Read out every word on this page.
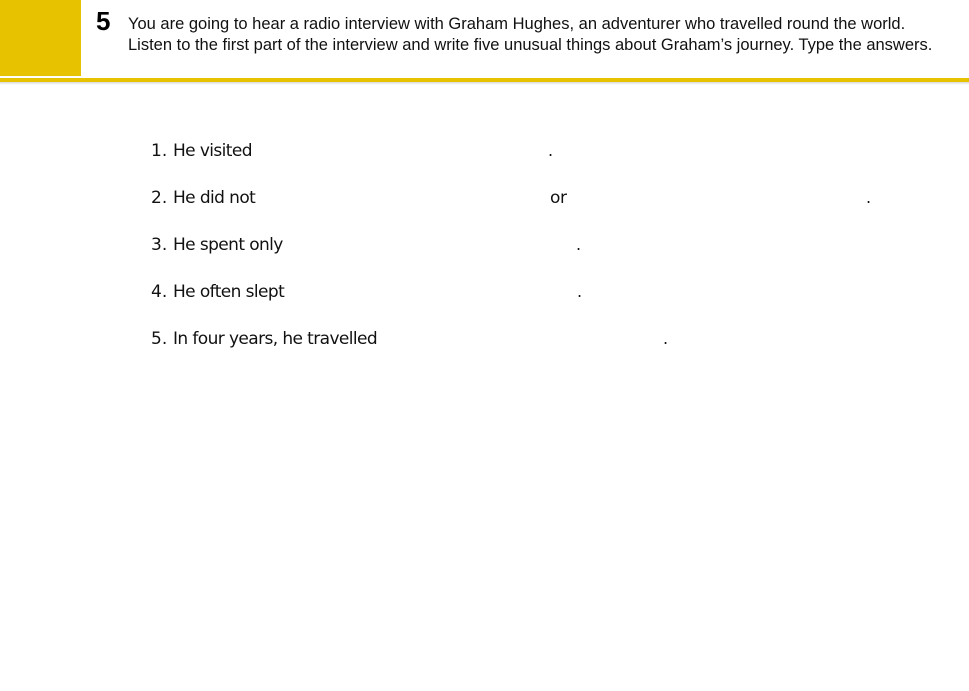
5 You are going to hear a radio interview with Graham Hughes, an adventurer who travelled round the world. Listen to the first part of the interview and write five unusual things about Graham’s journey. Type the answers.
1. He visited	.
2. He did not	or	.
3. He spent only	.
4. He often slept	.
5. In four years, he travelled	.
